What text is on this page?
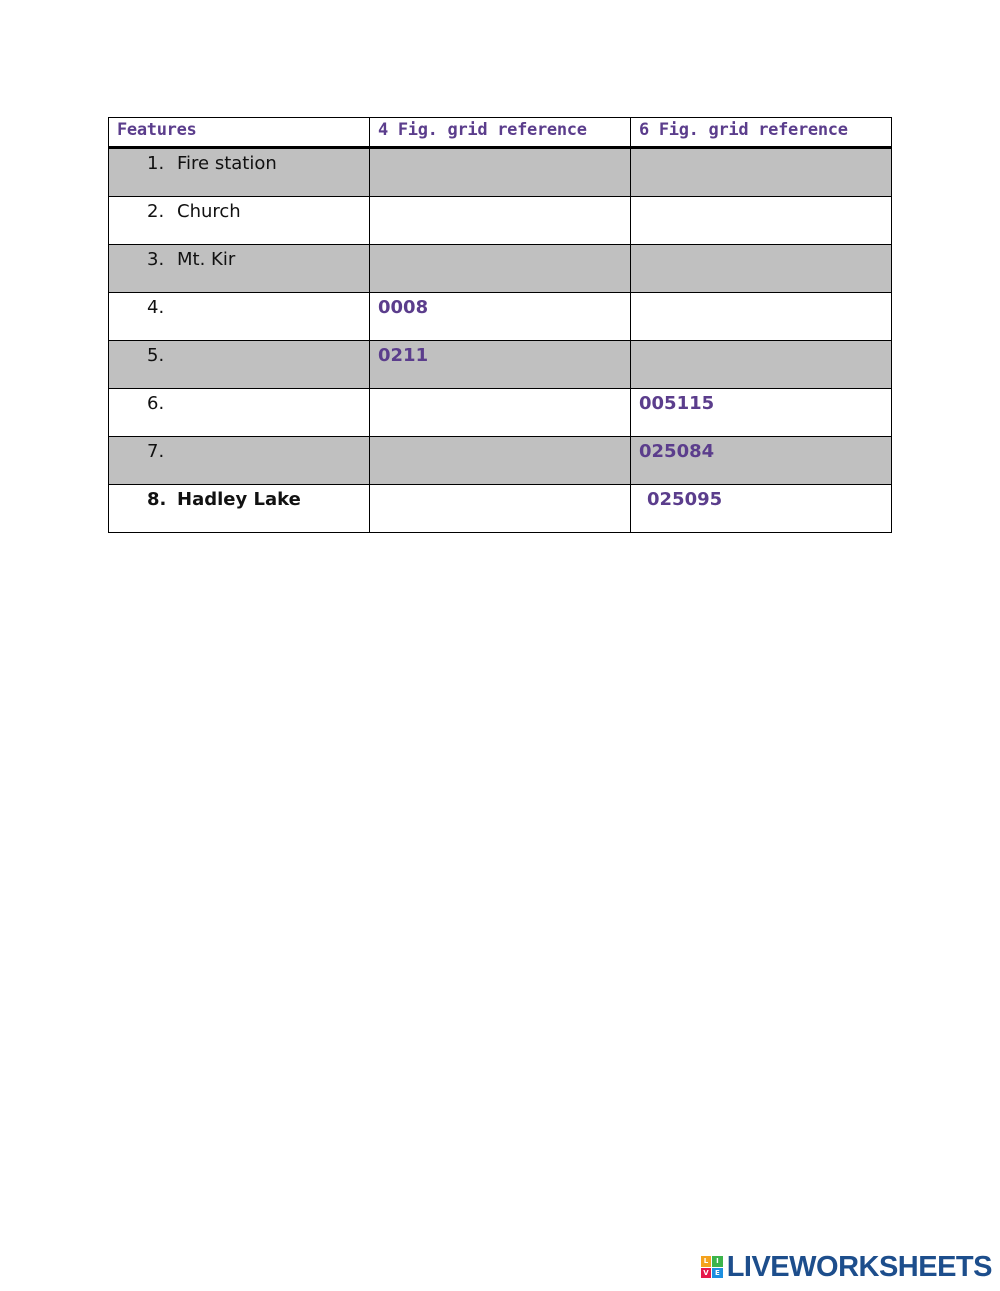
Features	4 Fig. grid reference	6 Fig. grid reference
1. Fire station		
2. Church		
3. Mt. Kir		
4.	0008	
5.	0211	
6.		005115
7.		025084
8. Hadley Lake		025095
L	I
V E LIVEWORKSHEETS
